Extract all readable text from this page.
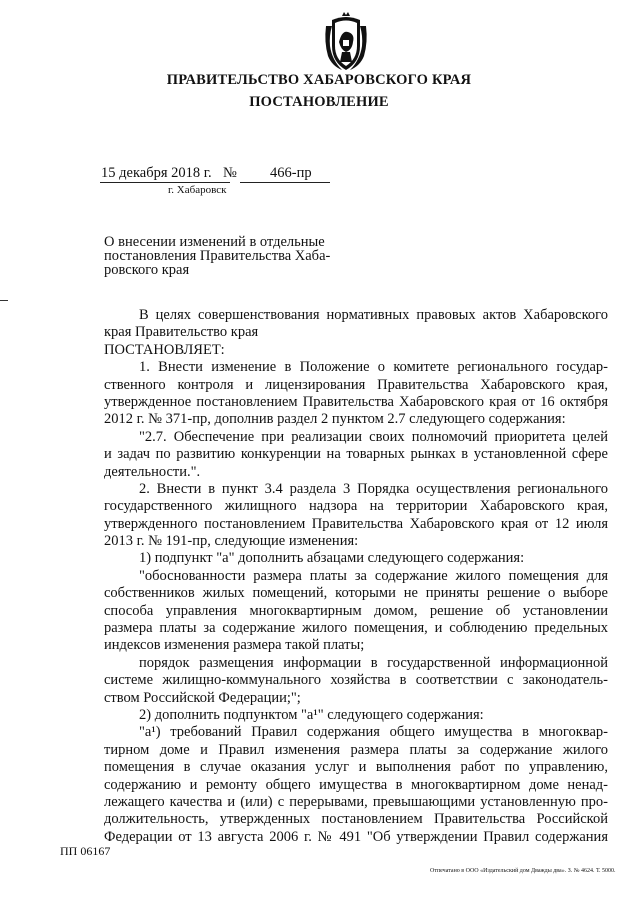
ПРАВИТЕЛЬСТВО ХАБАРОВСКОГО КРАЯ
ПОСТАНОВЛЕНИЕ
15 декабря 2018 г. № 466-пр
г. Хабаровск
О внесении изменений в отдельные
постановления Правительства Хаба-
ровского края
В целях совершенствования нормативных правовых актов Хабаровского
края Правительство края
ПОСТАНОВЛЯЕТ:
1. Внести изменение в Положение о комитете регионального государ-
ственного контроля и лицензирования Правительства Хабаровского края,
утвержденное постановлением Правительства Хабаровского края от 16 октября
2012 г. № 371-пр, дополнив раздел 2 пунктом 2.7 следующего содержания:
"2.7. Обеспечение при реализации своих полномочий приоритета целей
и задач по развитию конкуренции на товарных рынках в установленной сфере
деятельности.".
2. Внести в пункт 3.4 раздела 3 Порядка осуществления регионального
государственного жилищного надзора на территории Хабаровского края,
утвержденного постановлением Правительства Хабаровского края от 12 июля
2013 г. № 191-пр, следующие изменения:
1) подпункт "а" дополнить абзацами следующего содержания:
"обоснованности размера платы за содержание жилого помещения для
собственников жилых помещений, которыми не приняты решение о выборе
способа управления многоквартирным домом, решение об установлении
размера платы за содержание жилого помещения, и соблюдению предельных
индексов изменения размера такой платы;
порядок размещения информации в государственной информационной
системе жилищно-коммунального хозяйства в соответствии с законодатель-
ством Российской Федерации;";
2) дополнить подпунктом "а¹" следующего содержания:
"а¹) требований Правил содержания общего имущества в многоквар-
тирном доме и Правил изменения размера платы за содержание жилого
помещения в случае оказания услуг и выполнения работ по управлению,
содержанию и ремонту общего имущества в многоквартирном доме ненад-
лежащего качества и (или) с перерывами, превышающими установленную про-
должительность, утвержденных постановлением Правительства Российской
Федерации от 13 августа 2006 г. № 491 "Об утверждении Правил содержания
ПП 06167
Отпечатано в ООО «Издательский дом Дважды два». З. № 4624. Т. 5000.
